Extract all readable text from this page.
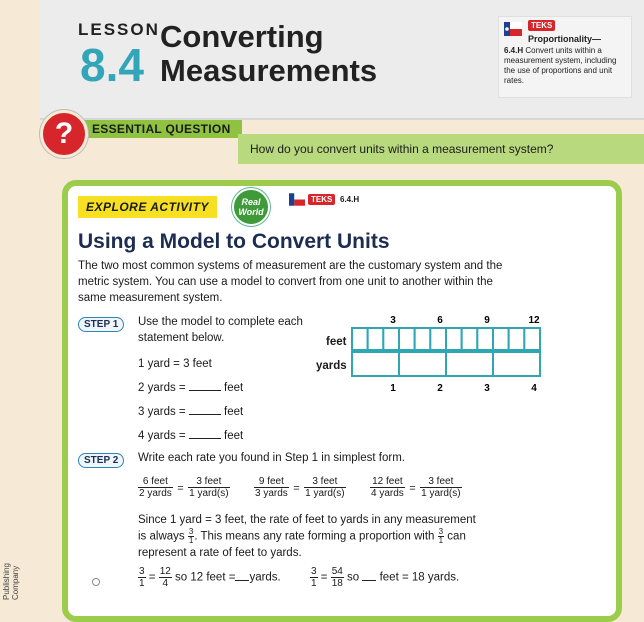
LESSON
8.4
Converting
Measurements
TEKS
Proportionality—
6.4.H Convert units within a measurement system, including the use of proportions and unit rates.
?	ESSENTIAL QUESTION
How do you convert units within a measurement system?
EXPLORE ACTIVITY	Real World
TEKS 6.4.H
Using a Model to Convert Units
The two most common systems of measurement are the customary system and the metric system. You can use a model to convert from one unit to another within the same measurement system.
STEP 1	Use the model to complete each
statement below.
1 yard = 3 feet
2 yards =	feet
3 yards =	feet
4 yards =	feet
feet
yards
3	6	9	12
1	2	3	4
STEP 2	Write each rate you found in Step 1 in simplest form.
$\frac{\text{6 feet}}{\text{2 yards}} = \frac{\text{3 feet}}{\text{1 yard(s)}} \frac{\text{9 feet}}{\text{3 yards}} = \frac{\text{3 feet}}{\text{1 yard(s)}} \frac{\text{12 feet}}{\text{4 yards}} = \frac{\text{3 feet}}{\text{1 yard(s)}}$
Since 1 yard = 3 feet, the rate of feet to yards in any measurement
is always $\frac{3}{1}$ . This means any rate forming a proportion with $\frac{3}{1}$ can
represent a rate of feet to yards.
$\frac{3}{1} = \frac{12}{4}$ so 12 feet = yards.	$\frac{3}{1} = \frac{54}{18}$ so feet = 18 yards.
Publishing Company
